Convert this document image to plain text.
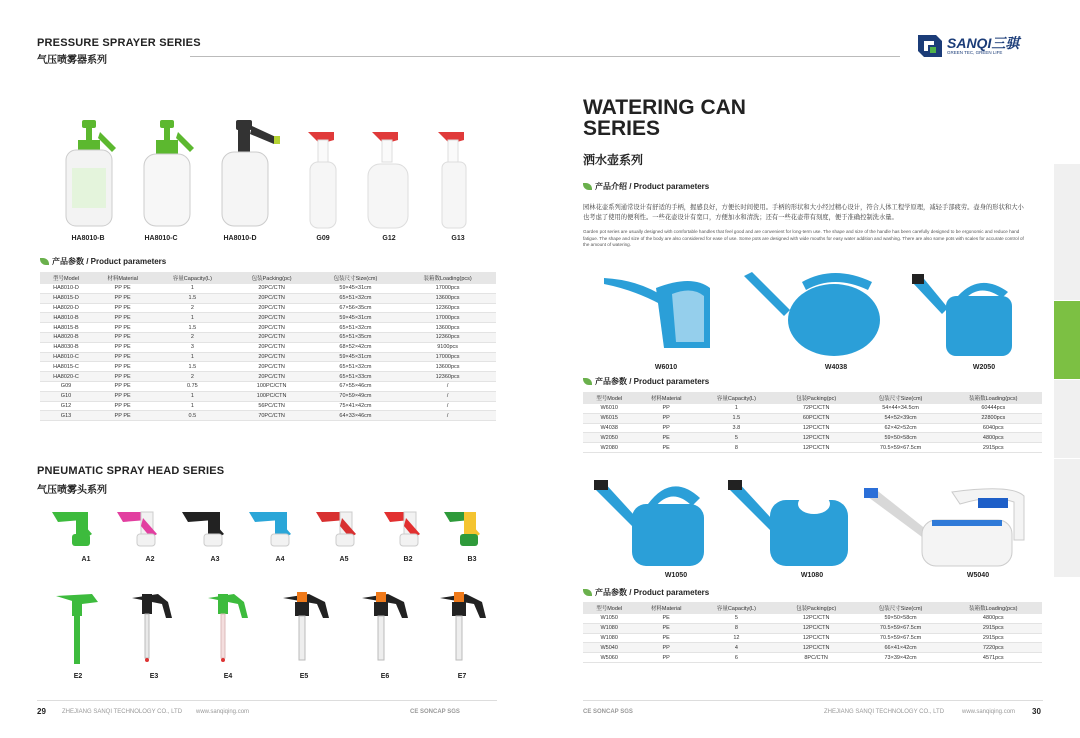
PRESSURE SPRAYER SERIES
气压喷雾器系列
HA8010-B	HA8010-C	HA8010-D	G09	G12	G13
产品参数 / Product parameters
型号Model	材料Material	容量Capacity(L)	包装Packing(pc)	包装尺寸Size(cm)	装箱数Loading(pcs)
HA8010-D	PP PE	1	20PC/CTN	59×45×31cm	17000pcs
HA8015-D	PP PE	1.5	20PC/CTN	65×51×32cm	13600pcs
HA8020-D	PP PE	2	20PC/CTN	67×56×35cm	12360pcs
HA8010-B	PP PE	1	20PC/CTN	59×45×31cm	17000pcs
HA8015-B	PP PE	1.5	20PC/CTN	65×51×32cm	13600pcs
HA8020-B	PP PE	2	20PC/CTN	65×51×35cm	12360pcs
HA8030-B	PP PE	3	20PC/CTN	68×52×42cm	9100pcs
HA8010-C	PP PE	1	20PC/CTN	59×45×31cm	17000pcs
HA8015-C	PP PE	1.5	20PC/CTN	65×51×32cm	13600pcs
HA8020-C	PP PE	2	20PC/CTN	65×51×33cm	12360pcs
G09	PP PE	0.75	100PC/CTN	67×55×46cm	/
G10	PP PE	1	100PC/CTN	70×59×49cm	/
G12	PP PE	1	56PC/CTN	75×41×42cm	/
G13	PP PE	0.5	70PC/CTN	64×33×46cm	/
PNEUMATIC SPRAY HEAD SERIES
气压喷雾头系列
A1	A2	A3	A4	A5	B2	B3
E2	E3	E4	E5	E6	E7
29	ZHEJIANG SANQI TECHNOLOGY CO., LTD www.sanqiqing.com	CE SONCAP SGS
SANQI三骐
GREEN TEC, GREEN LIFE
WATERING CAN
SERIES
洒水壶系列
产品介绍 / Product parameters
园林花壶系列通常设计有舒适的手柄，握感良好，方便长时间使用。手柄的形状和大小经过精心设计，符合人体工程学原理，减轻手部疲劳。壶身的形状和大小也考虑了使用的便利性。一些花壶设计有宽口，方便加水和清洗；还有一些花壶带有刻度，便于准确控制洗水量。
Garden pot series are usually designed with comfortable handles that feel good and are convenient for long-term use. The shape and size of the handle has been carefully designed to be ergonomic and reduce hand fatigue. The shape and size of the body are also considered for ease of use. Some pots are designed with wide mouths for easy water addition and washing. There are also some pots with scales for accurate control of the amount of watering.
W6010	W4038	W2050
产品参数 / Product parameters
型号Model	材料Material	容量Capacity(L)	包装Packing(pc)	包装尺寸Size(cm)	装箱数Loading(pcs)
W6010	PP	1	72PC/CTN	54×44×34.5cm	60444pcs
W6015	PP	1.5	60PC/CTN	54×52×39cm	22800pcs
W4038	PP	3.8	12PC/CTN	62×42×52cm	6040pcs
W2050	PE	5	12PC/CTN	59×50×58cm	4800pcs
W2080	PE	8	12PC/CTN	70.5×59×67.5cm	2915pcs
W1050	W1080	W5040
产品参数 / Product parameters
型号Model	材料Material	容量Capacity(L)	包装Packing(pc)	包装尺寸Size(cm)	装箱数Loading(pcs)
W1050	PE	5	12PC/CTN	59×50×58cm	4800pcs
W1080	PE	8	12PC/CTN	70.5×59×67.5cm	2915pcs
W1080	PE	12	12PC/CTN	70.5×59×67.5cm	2915pcs
W5040	PP	4	12PC/CTN	66×41×42cm	7220pcs
W5060	PP	6	8PC/CTN	73×39×42cm	4571pcs
CE SONCAP SGS	ZHEJIANG SANQI TECHNOLOGY CO., LTD	www.sanqiqing.com 30
